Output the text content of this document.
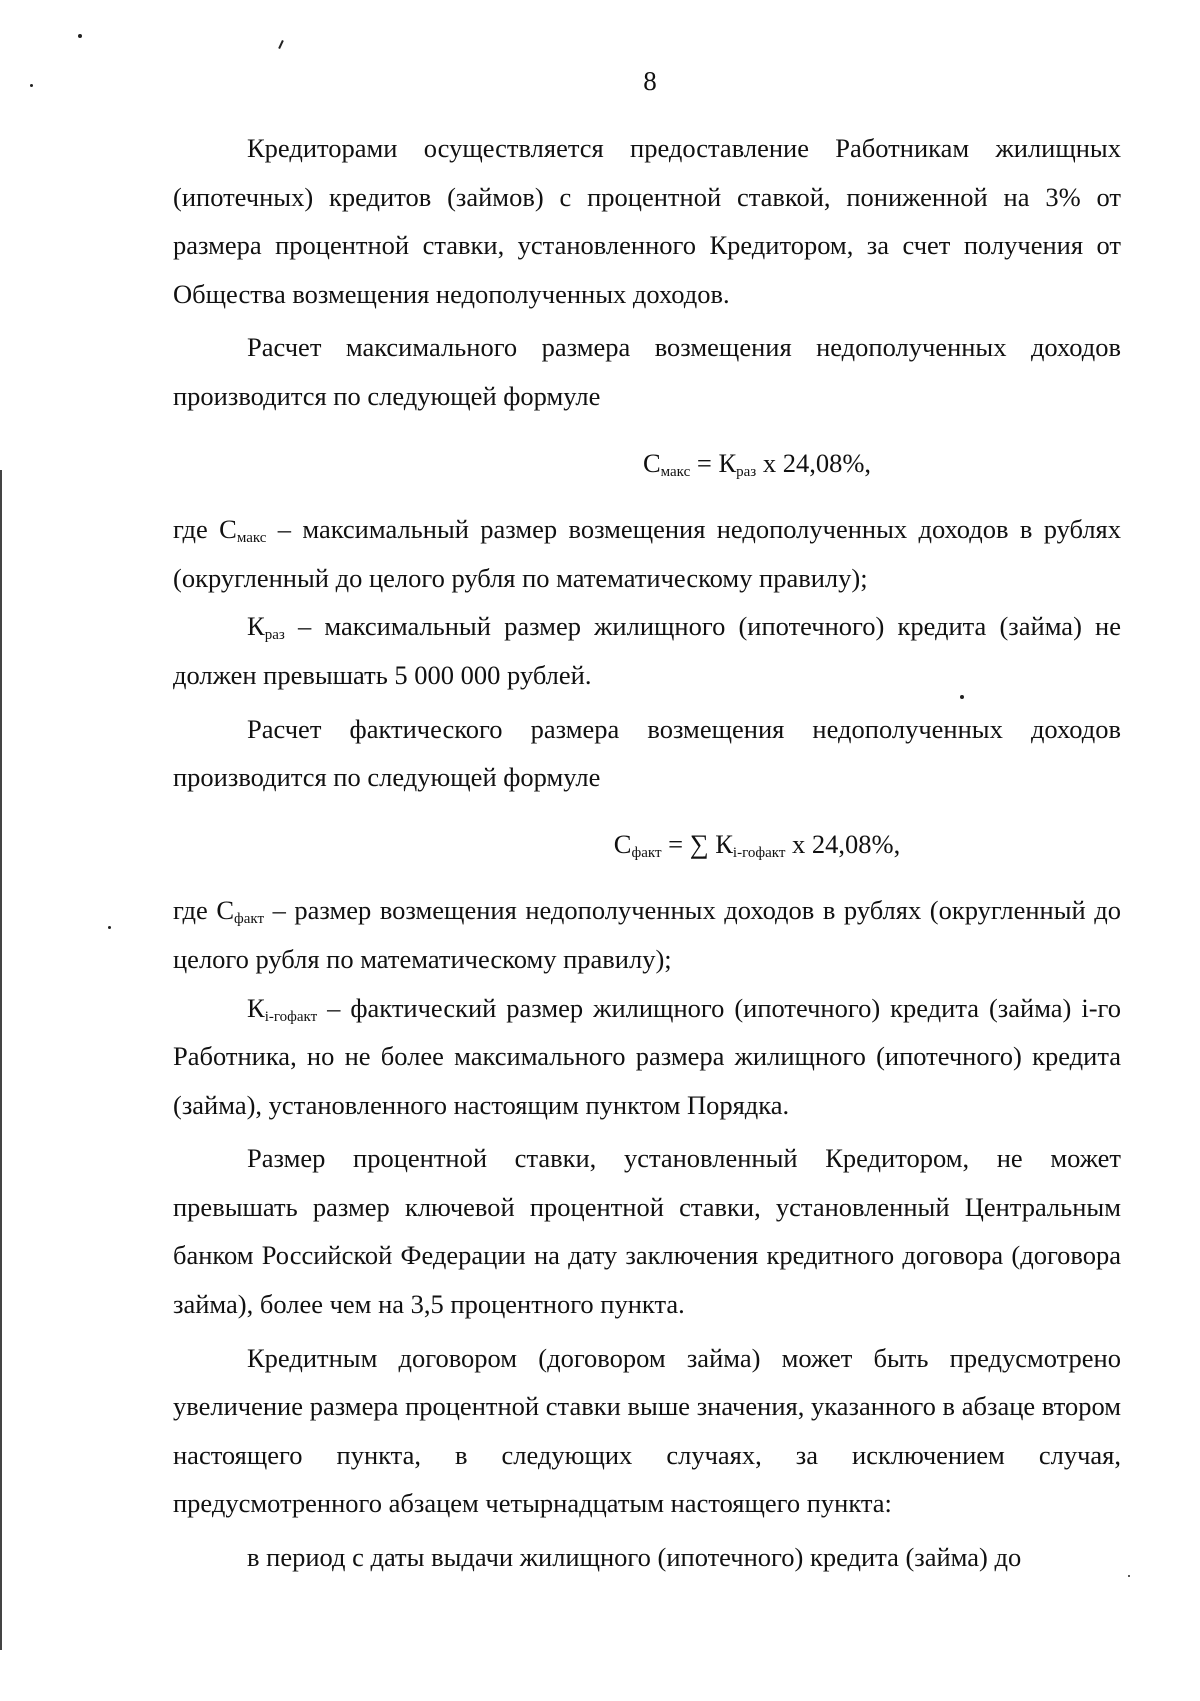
8

Кредиторами осуществляется предоставление Работникам жилищных (ипотечных) кредитов (займов) с процентной ставкой, пониженной на 3% от размера процентной ставки, установленного Кредитором, за счет получения от Общества возмещения недополученных доходов.

Расчет максимального размера возмещения недополученных доходов производится по следующей формуле

$С_{макс} = К_{раз}$ х 24,08%,

где $С_{макс}$ – максимальный размер возмещения недополученных доходов в рублях (округленный до целого рубля по математическому правилу);

$К_{раз}$ – максимальный размер жилищного (ипотечного) кредита (займа) не должен превышать 5 000 000 рублей.

Расчет фактического размера возмещения недополученных доходов производится по следующей формуле

$С_{факт}$ = ∑ $К_{i-гофакт}$ х 24,08%,

где $С_{факт}$ – размер возмещения недополученных доходов в рублях (округленный до целого рубля по математическому правилу);

$К_{i-гофакт}$ – фактический размер жилищного (ипотечного) кредита (займа) i-го Работника, но не более максимального размера жилищного (ипотечного) кредита (займа), установленного настоящим пунктом Порядка.

Размер процентной ставки, установленный Кредитором, не может превышать размер ключевой процентной ставки, установленный Центральным банком Российской Федерации на дату заключения кредитного договора (договора займа), более чем на 3,5 процентного пункта.

Кредитным договором (договором займа) может быть предусмотрено увеличение размера процентной ставки выше значения, указанного в абзаце втором настоящего пункта, в следующих случаях, за исключением случая, предусмотренного абзацем четырнадцатым настоящего пункта:

в период с даты выдачи жилищного (ипотечного) кредита (займа) до
